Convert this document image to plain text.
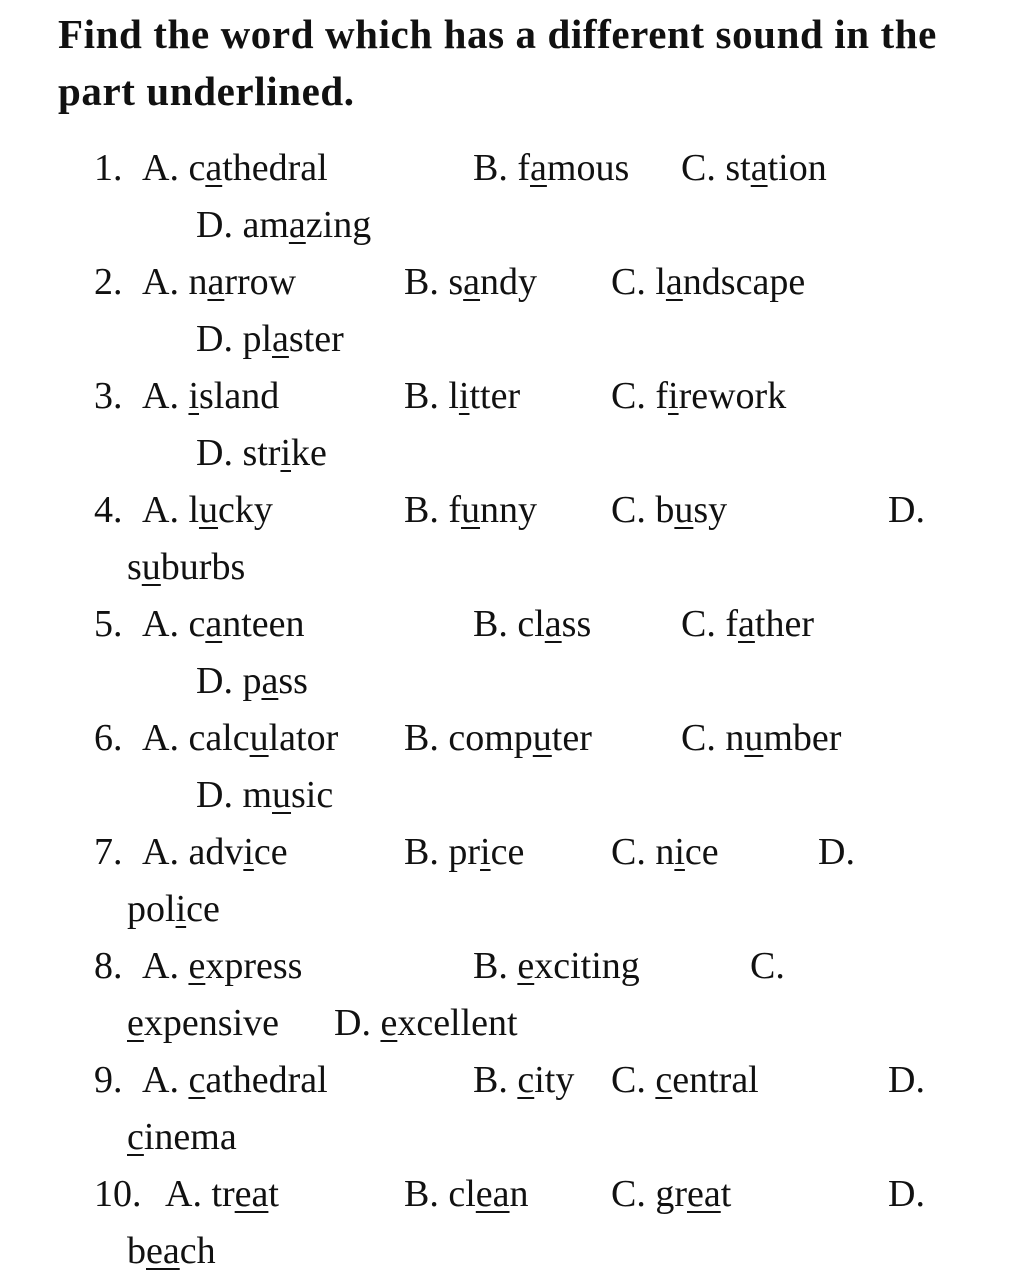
Find the word which has a different sound in the part underlined.
1. A. cathedral	B. famous C. station
D. amazing
2. A. narrow	B. sandy C. landscape
D. plaster
3. A. island	B. litter C. firework
D. strike
4. A. lucky	B. funny C. busy	D.
suburbs
5. A. canteen	B. class C. father
D. pass
6. A. calculator B. computer C. number
D. music
7. A. advice	B. price C. nice	D.
police
8. A. express	B. exciting	C.
expensive D. excellent
9. A. cathedral	B. city C. central	D.
cinema
10. A. treat	B. clean C. great	D.
beach
